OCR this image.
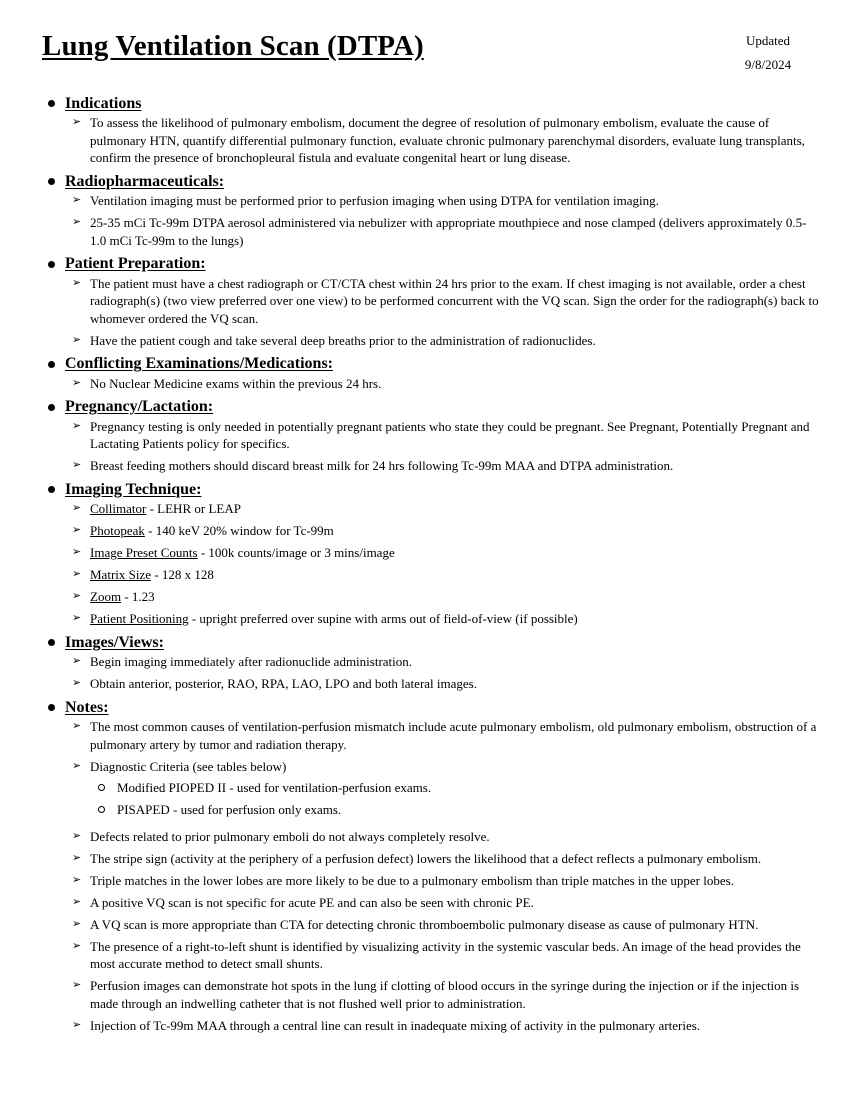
Lung Ventilation Scan (DTPA)	Updated
9/8/2024
Indications
➢ To assess the likelihood of pulmonary embolism, document the degree of resolution of pulmonary embolism, evaluate the cause of pulmonary HTN, quantify differential pulmonary function, evaluate chronic pulmonary parenchymal disorders, evaluate lung transplants, confirm the presence of bronchopleural fistula and evaluate congenital heart or lung disease.
Radiopharmaceuticals:
➢ Ventilation imaging must be performed prior to perfusion imaging when using DTPA for ventilation imaging.
➢ 25-35 mCi Tc-99m DTPA aerosol administered via nebulizer with appropriate mouthpiece and nose clamped (delivers approximately 0.5-1.0 mCi Tc-99m to the lungs)
Patient Preparation:
➢ The patient must have a chest radiograph or CT/CTA chest within 24 hrs prior to the exam. If chest imaging is not available, order a chest radiograph(s) (two view preferred over one view) to be performed concurrent with the VQ scan. Sign the order for the radiograph(s) back to whomever ordered the VQ scan.
➢ Have the patient cough and take several deep breaths prior to the administration of radionuclides.
Conflicting Examinations/Medications:
➢ No Nuclear Medicine exams within the previous 24 hrs.
Pregnancy/Lactation:
➢ Pregnancy testing is only needed in potentially pregnant patients who state they could be pregnant. See Pregnant, Potentially Pregnant and Lactating Patients policy for specifics.
➢ Breast feeding mothers should discard breast milk for 24 hrs following Tc-99m MAA and DTPA administration.
Imaging Technique:
➢ Collimator - LEHR or LEAP
➢ Photopeak - 140 keV 20% window for Tc-99m
➢ Image Preset Counts - 100k counts/image or 3 mins/image
➢ Matrix Size - 128 x 128
➢ Zoom - 1.23
➢ Patient Positioning - upright preferred over supine with arms out of field-of-view (if possible)
Images/Views:
➢ Begin imaging immediately after radionuclide administration.
➢ Obtain anterior, posterior, RAO, RPA, LAO, LPO and both lateral images.
Notes:
➢ The most common causes of ventilation-perfusion mismatch include acute pulmonary embolism, old pulmonary embolism, obstruction of a pulmonary artery by tumor and radiation therapy.
➢ Diagnostic Criteria (see tables below)
Modified PIOPED II - used for ventilation-perfusion exams.
PISAPED - used for perfusion only exams.
➢ Defects related to prior pulmonary emboli do not always completely resolve.
➢ The stripe sign (activity at the periphery of a perfusion defect) lowers the likelihood that a defect reflects a pulmonary embolism.
➢ Triple matches in the lower lobes are more likely to be due to a pulmonary embolism than triple matches in the upper lobes.
➢ A positive VQ scan is not specific for acute PE and can also be seen with chronic PE.
➢ A VQ scan is more appropriate than CTA for detecting chronic thromboembolic pulmonary disease as cause of pulmonary HTN.
➢ The presence of a right-to-left shunt is identified by visualizing activity in the systemic vascular beds. An image of the head provides the most accurate method to detect small shunts.
➢ Perfusion images can demonstrate hot spots in the lung if clotting of blood occurs in the syringe during the injection or if the injection is made through an indwelling catheter that is not flushed well prior to administration.
➢ Injection of Tc-99m MAA through a central line can result in inadequate mixing of activity in the pulmonary arteries.
